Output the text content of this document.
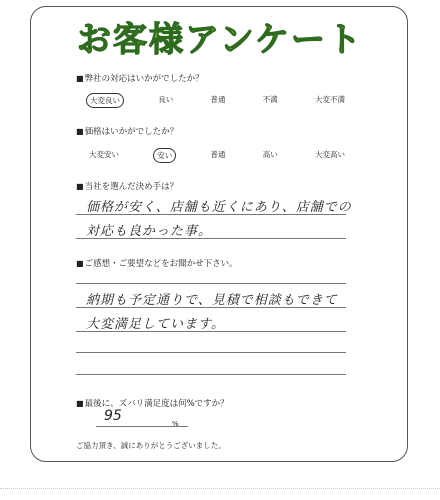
お客様アンケート
■ 弊社の対応はいかがでしたか？
大変良い	良い	普通	不満	大変不満
■ 価格はいかがでしたか？
大変安い	安い	普通	高い	大変高い
■ 当社を選んだ決め手は？
価格が安く、店舗も近くにあり、店舗での
対応も良かった事。
■ ご感想・ご要望などをお聞かせ下さい。
納期も予定通りで、見積で相談もできて
大変満足しています。
■ 最後に、ズバリ満足度は何%ですか？
95	%
ご協力頂き、誠にありがとうございました。
